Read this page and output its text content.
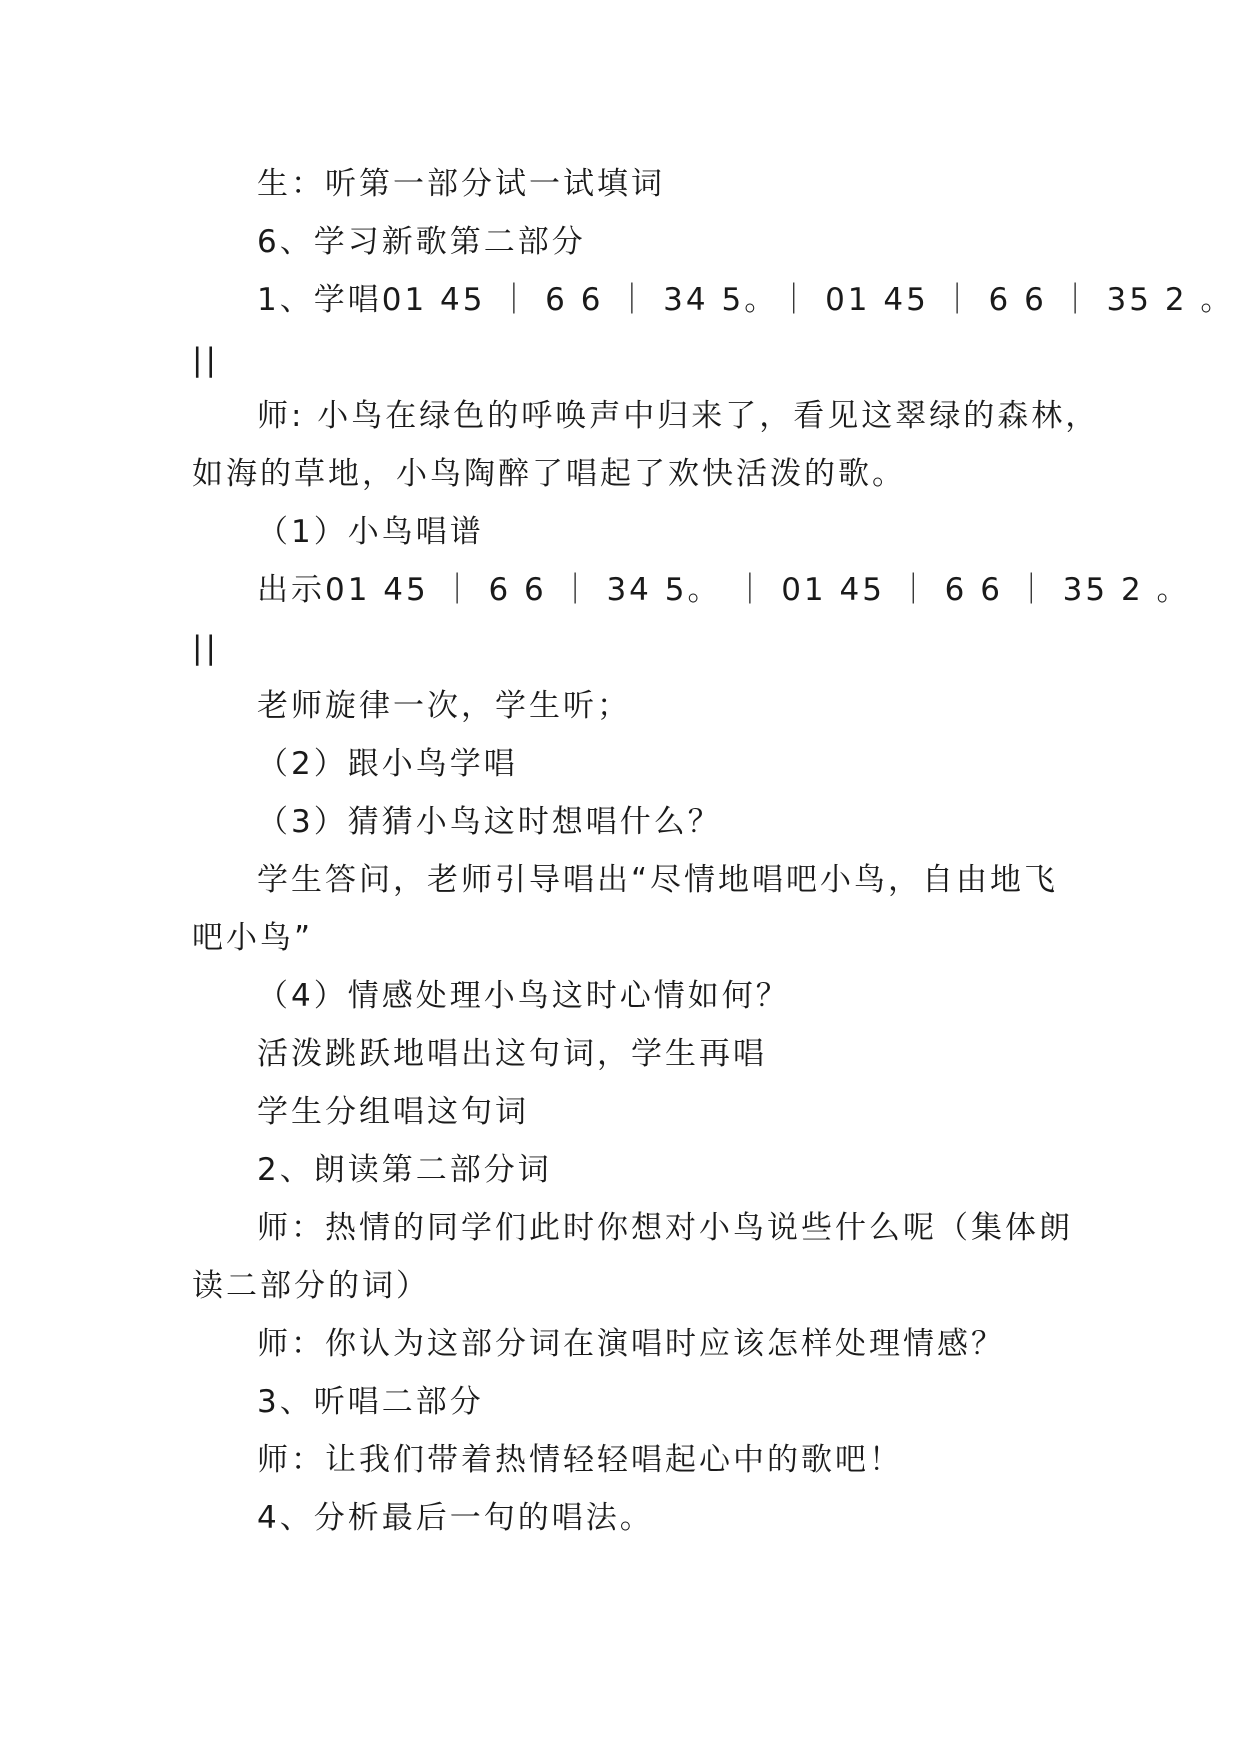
生：听第一部分试一试填词
6、学习新歌第二部分
1、学唱01 45 ｜ 6 6 ｜ 34 5。｜ 01 45 ｜ 6 6 ｜ 35 2 。
||
师: 小鸟在绿色的呼唤声中归来了，看见这翠绿的森林，
如海的草地，小鸟陶醉了唱起了欢快活泼的歌。
（1）小鸟唱谱
出示01 45 ｜ 6 6 ｜ 34 5。 ｜ 01 45 ｜ 6 6 ｜ 35 2 。
||
老师旋律一次，学生听；
（2）跟小鸟学唱
（3）猜猜小鸟这时想唱什么？
学生答问，老师引导唱出“尽情地唱吧小鸟，自由地飞
吧小鸟”
（4）情感处理小鸟这时心情如何？
活泼跳跃地唱出这句词，学生再唱
学生分组唱这句词
2、朗读第二部分词
师：热情的同学们此时你想对小鸟说些什么呢（集体朗
读二部分的词）
师：你认为这部分词在演唱时应该怎样处理情感？
3、听唱二部分
师：让我们带着热情轻轻唱起心中的歌吧！
4、分析最后一句的唱法。
